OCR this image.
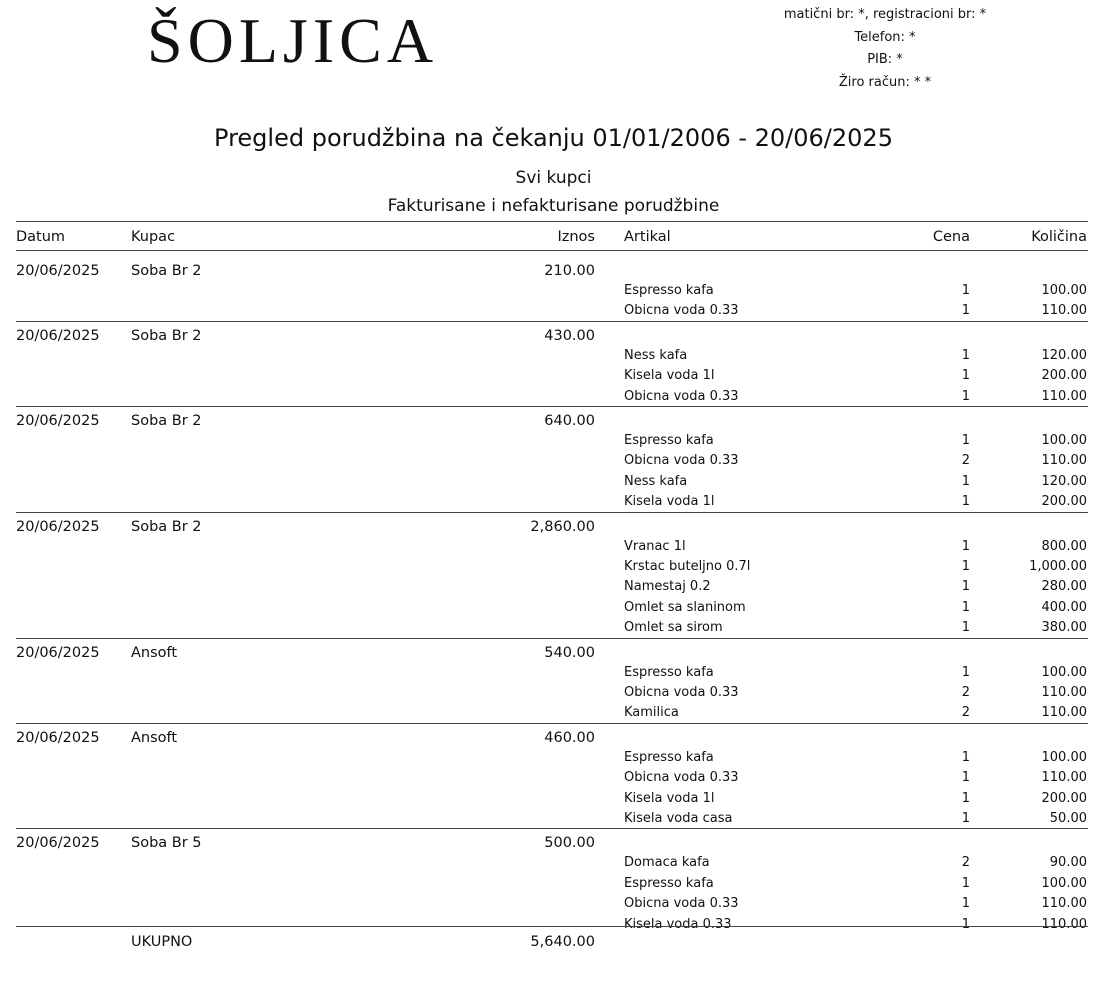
ŠOLJICA	matični br: *, registracioni br: *
Telefon: *
PIB: *
Žiro račun: * *
Pregled porudžbina na čekanju 01/01/2006 - 20/06/2025
Svi kupci
Fakturisane i nefakturisane porudžbine
Datum	Kupac	Iznos Artikal	Cena	Količina
20/06/2025 Soba Br 2	210.00
Espresso kafa	1	100.00
Obicna voda 0.33	1	110.00
20/06/2025 Soba Br 2	430.00
Ness kafa	1	120.00
Kisela voda 1l	1	200.00
Obicna voda 0.33	1	110.00
20/06/2025 Soba Br 2	640.00
Espresso kafa	1	100.00
Obicna voda 0.33	2	110.00
Ness kafa	1	120.00
Kisela voda 1l	1	200.00
20/06/2025 Soba Br 2	2,860.00
Vranac 1l	1	800.00
Krstac buteljno 0.7l	1	1,000.00
Namestaj 0.2	1	280.00
Omlet sa slaninom	1	400.00
Omlet sa sirom	1	380.00
20/06/2025 Ansoft	540.00
Espresso kafa	1	100.00
Obicna voda 0.33	2	110.00
Kamilica	2	110.00
20/06/2025 Ansoft	460.00
Espresso kafa	1	100.00
Obicna voda 0.33	1	110.00
Kisela voda 1l	1	200.00
Kisela voda casa	1	50.00
20/06/2025 Soba Br 5	500.00
Domaca kafa	2	90.00
Espresso kafa	1	100.00
Obicna voda 0.33	1	110.00
Kisela voda 0.33	1	110.00
UKUPNO	5,640.00
